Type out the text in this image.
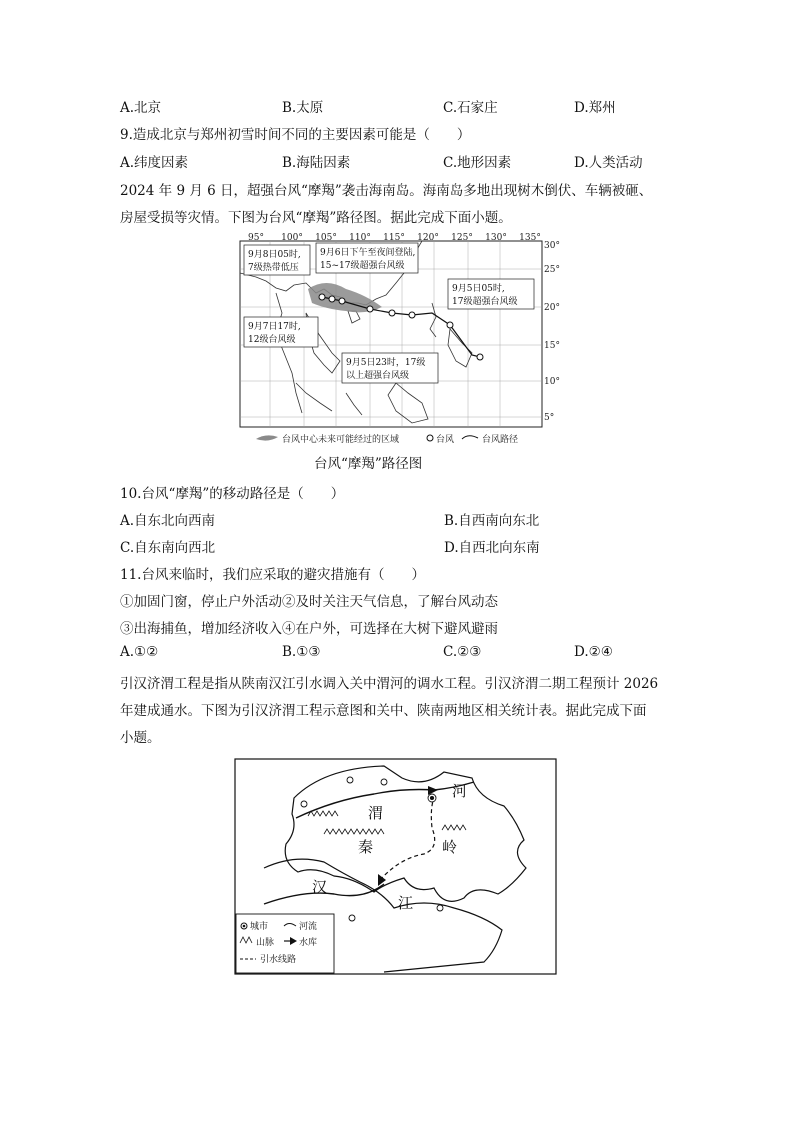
A.北京	B.太原	C.石家庄	D.郑州
9.造成北京与郑州初雪时间不同的主要因素可能是（　　）
A.纬度因素	B.海陆因素	C.地形因素	D.人类活动
2024 年 9 月 6 日，超强台风“摩羯”袭击海南岛。海南岛多地出现树木倒伏、车辆被砸、
房屋受损等灾情。下图为台风“摩羯”路径图。据此完成下面小题。
95° 100° 105° 110° 115° 120° 125° 130° 135°
30°
25°
20°
15°
10°
5°
9月8日05时,
7级热带低压
9月6日下午至夜间登陆,
15~17级超强台风级
9月5日05时,
17级超强台风级
9月7日17时,
12级台风级
9月5日23时，17级
以上超强台风级
台风中心未来可能经过的区域	台风	台风路径
台风“摩羯”路径图
10.台风“摩羯”的移动路径是（　　）
A.自东北向西南	B.自西南向东北
C.自东南向西北	D.自西北向东南
11.台风来临时，我们应采取的避灾措施有（　　）
①加固门窗，停止户外活动②及时关注天气信息，了解台风动态
③出海捕鱼，增加经济收入④在户外，可选择在大树下避风避雨
A.①②	B.①③	C.②③	D.②④
引汉济渭工程是指从陕南汉江引水调入关中渭河的调水工程。引汉济渭二期工程预计 2026
年建成通水。下图为引汉济渭工程示意图和关中、陕南两地区相关统计表。据此完成下面
小题。
渭
河
秦	岭
汉
江
城市	河流
山脉	水库
引水线路
